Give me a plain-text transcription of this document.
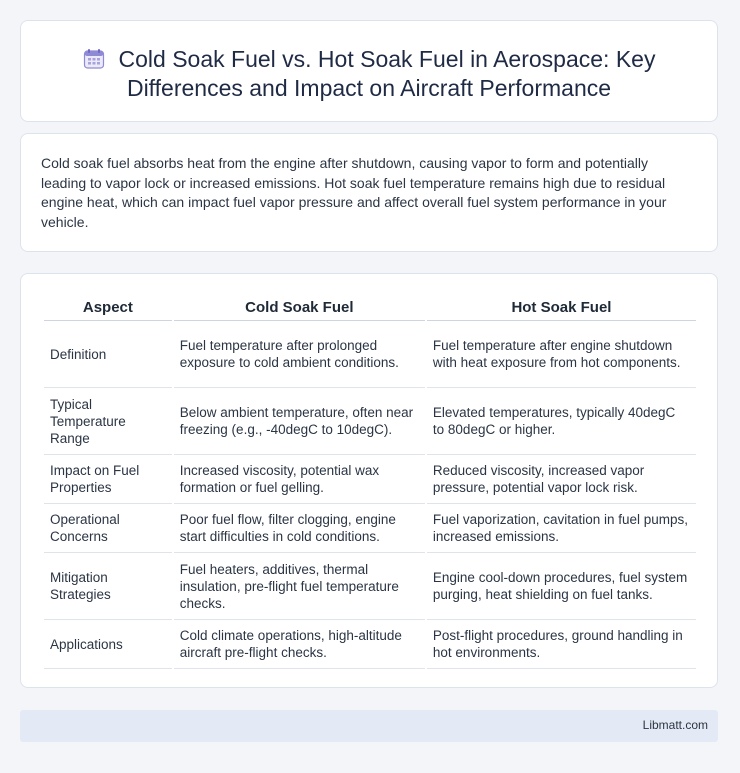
Cold Soak Fuel vs. Hot Soak Fuel in Aerospace: Key Differences and Impact on Aircraft Performance

Cold soak fuel absorbs heat from the engine after shutdown, causing vapor to form and potentially leading to vapor lock or increased emissions. Hot soak fuel temperature remains high due to residual engine heat, which can impact fuel vapor pressure and affect overall fuel system performance in your vehicle.

Aspect	Cold Soak Fuel	Hot Soak Fuel
Definition	Fuel temperature after prolonged exposure to cold ambient conditions.	Fuel temperature after engine shutdown with heat exposure from hot components.
Typical Temperature Range	Below ambient temperature, often near freezing (e.g., -40degC to 10degC).	Elevated temperatures, typically 40degC to 80degC or higher.
Impact on Fuel Properties	Increased viscosity, potential wax formation or fuel gelling.	Reduced viscosity, increased vapor pressure, potential vapor lock risk.
Operational Concerns	Poor fuel flow, filter clogging, engine start difficulties in cold conditions.	Fuel vaporization, cavitation in fuel pumps, increased emissions.
Mitigation Strategies	Fuel heaters, additives, thermal insulation, pre-flight fuel temperature checks.	Engine cool-down procedures, fuel system purging, heat shielding on fuel tanks.
Applications	Cold climate operations, high-altitude aircraft pre-flight checks.	Post-flight procedures, ground handling in hot environments.
Libmatt.com
